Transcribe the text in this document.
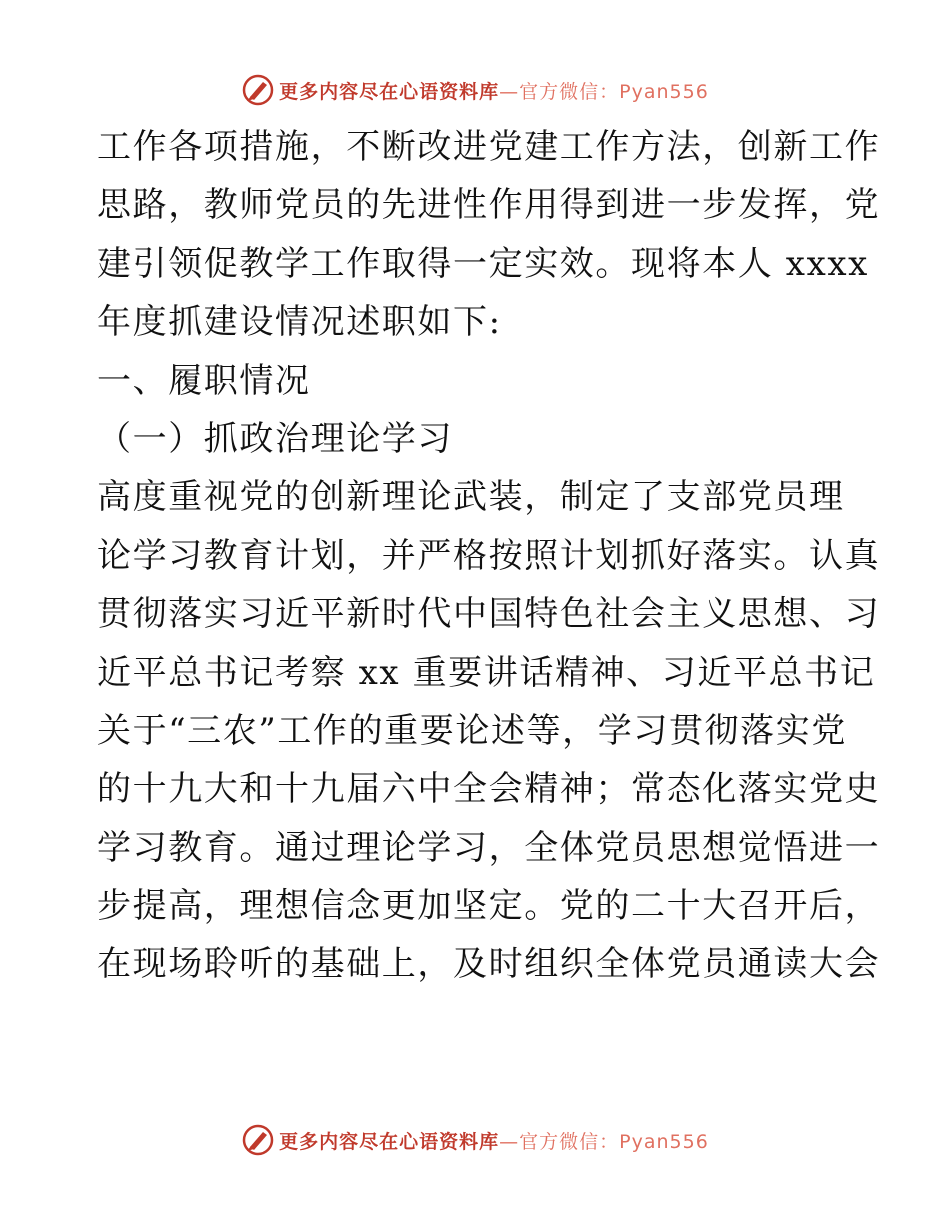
更多内容尽在心语资料库 —官方微信：Pyan556
工作各项措施，不断改进党建工作方法，创新工作
思路，教师党员的先进性作用得到进一步发挥，党
建引领促教学工作取得一定实效。现将本人 xxxx
年度抓建设情况述职如下:
一、履职情况
（一）抓政治理论学习
高度重视党的创新理论武装，制定了支部党员理
论学习教育计划，并严格按照计划抓好落实。认真
贯彻落实习近平新时代中国特色社会主义思想、习
近平总书记考察 xx 重要讲话精神、习近平总书记
关于“三农”工作的重要论述等，学习贯彻落实党
的十九大和十九届六中全会精神；常态化落实党史
学习教育。通过理论学习，全体党员思想觉悟进一
步提高，理想信念更加坚定。党的二十大召开后，
在现场聆听的基础上，及时组织全体党员通读大会
更多内容尽在心语资料库 —官方微信：Pyan556
